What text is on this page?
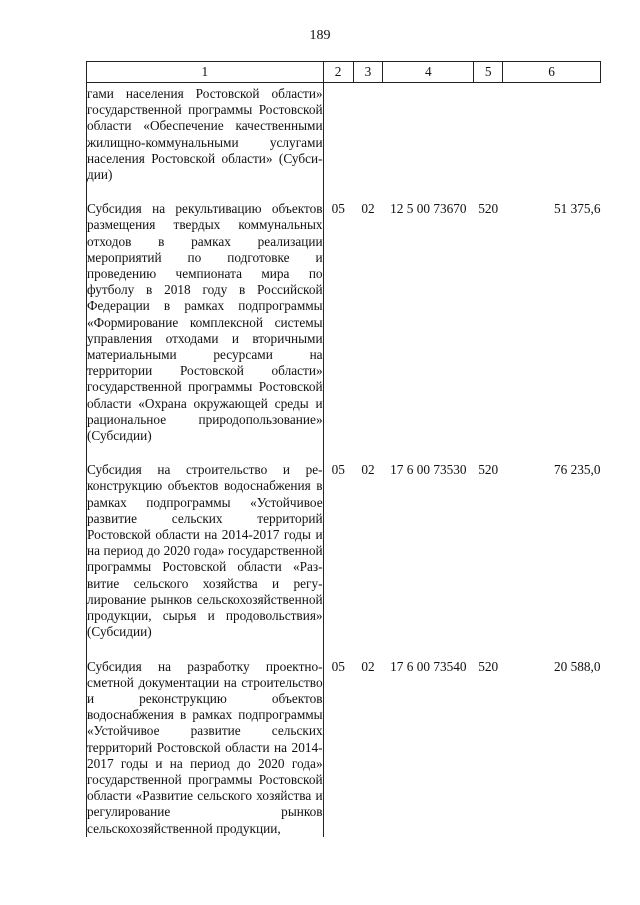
189
1	2	3	4	5	6
гами населения Ростовской области» государственной программы Ростовской области «Обеспечение качественными жилищно-коммунальными услугами населения Ростовской области» (Субсидии)					

Субсидия на рекультивацию объектов размещения твердых коммунальных отходов в рамках реализации мероприятий по подготовке и проведению чемпионата мира по футболу в 2018 году в Российской Федерации в рамках подпрограммы «Формирование комплексной системы управления отходами и вторичными материальными ресурсами на территории Ростовской области» государственной программы Ростовской области «Охрана окружающей среды и рациональное природопользование» (Субсидии)	05	02	12 5 00 73670	520	51 375,6

Субсидия на строительство и реконструкцию объектов водоснабжения в рамках подпрограммы «Устойчивое развитие сельских территорий Ростовской области на 2014-2017 годы и на период до 2020 года» государственной программы Ростовской области «Развитие сельского хозяйства и регулирование рынков сельскохозяйственной продукции, сырья и продовольствия» (Субсидии)	05	02	17 6 00 73530	520	76 235,0

Субсидия на разработку проектно-сметной документации на строительство и реконструкцию объектов водоснабжения в рамках подпрограммы «Устойчивое развитие сельских территорий Ростовской области на 2014-2017 годы и на период до 2020 года» государственной программы Ростовской области «Развитие сельского хозяйства и регулирование рынков сельскохозяйственной продукции,	05	02	17 6 00 73540	520	20 588,0
